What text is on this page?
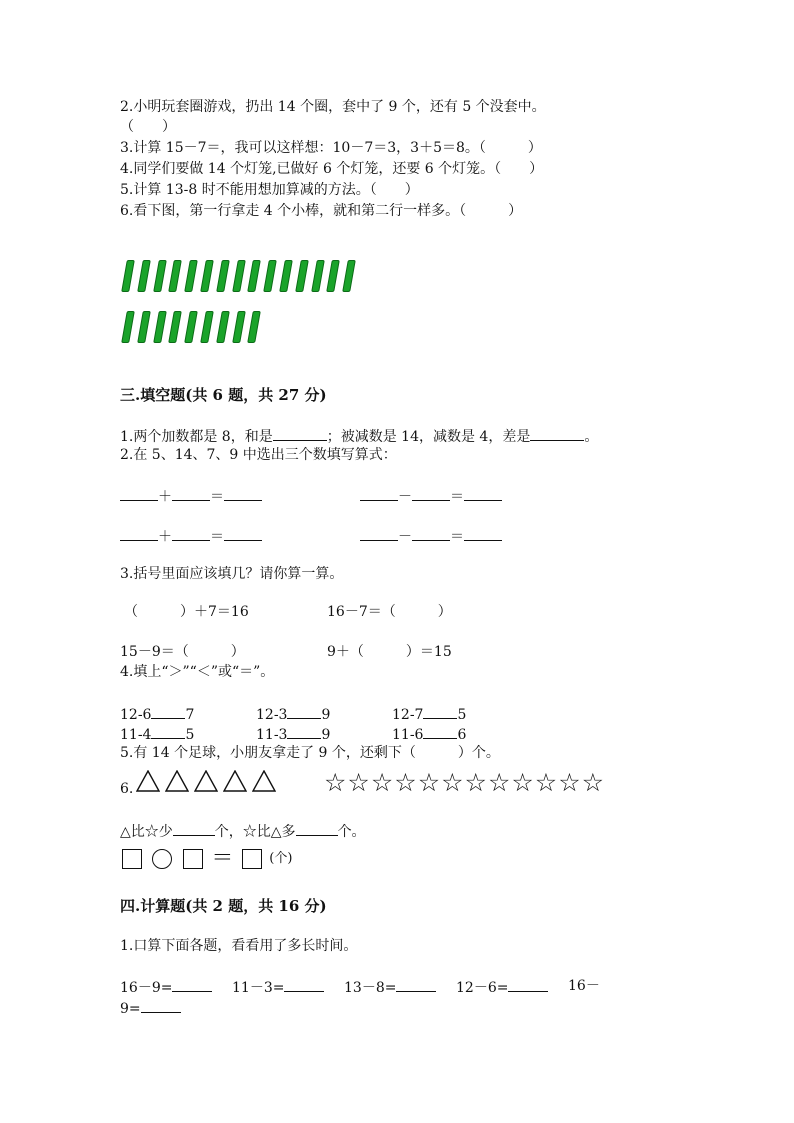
2.小明玩套圈游戏，扔出 14 个圈，套中了 9 个，还有 5 个没套中。
（　　）
3.计算 15－7＝，我可以这样想：10－7＝3，3＋5＝8。（　　　）
4.同学们要做 14 个灯笼,已做好 6 个灯笼，还要 6 个灯笼。（　　）
5.计算 13-8 时不能用想加算减的方法。（　　）
6.看下图，第一行拿走 4 个小棒，就和第二行一样多。（　　　）
三.填空题(共 6 题，共 27 分)
1.两个加数都是 8，和是	；被减数是 14，减数是 4，差是	。
2.在 5、14、7、9 中选出三个数填写算式：
＋	＝	－	＝
＋	＝	－	＝
3.括号里面应该填几？请你算一算。
（　　　）＋7＝16	16－7＝（　　　）
15－9＝（　　　）	9＋（　　　）＝15
4.填上“＞”“＜”或“＝”。
12-6 7	12-3 9	12-7 5
11-4 5	11-3 9	11-6 6
5.有 14 个足球，小朋友拿走了 9 个，还剩下（　　　）个。
6.	☆☆☆☆☆☆☆☆☆☆☆☆
△比☆少	个，☆比△多	个。
＝	(个)
四.计算题(共 2 题，共 16 分)
1.口算下面各题，看看用了多长时间。
16－9=	11－3=	13－8=	12－6=	16－
9=
